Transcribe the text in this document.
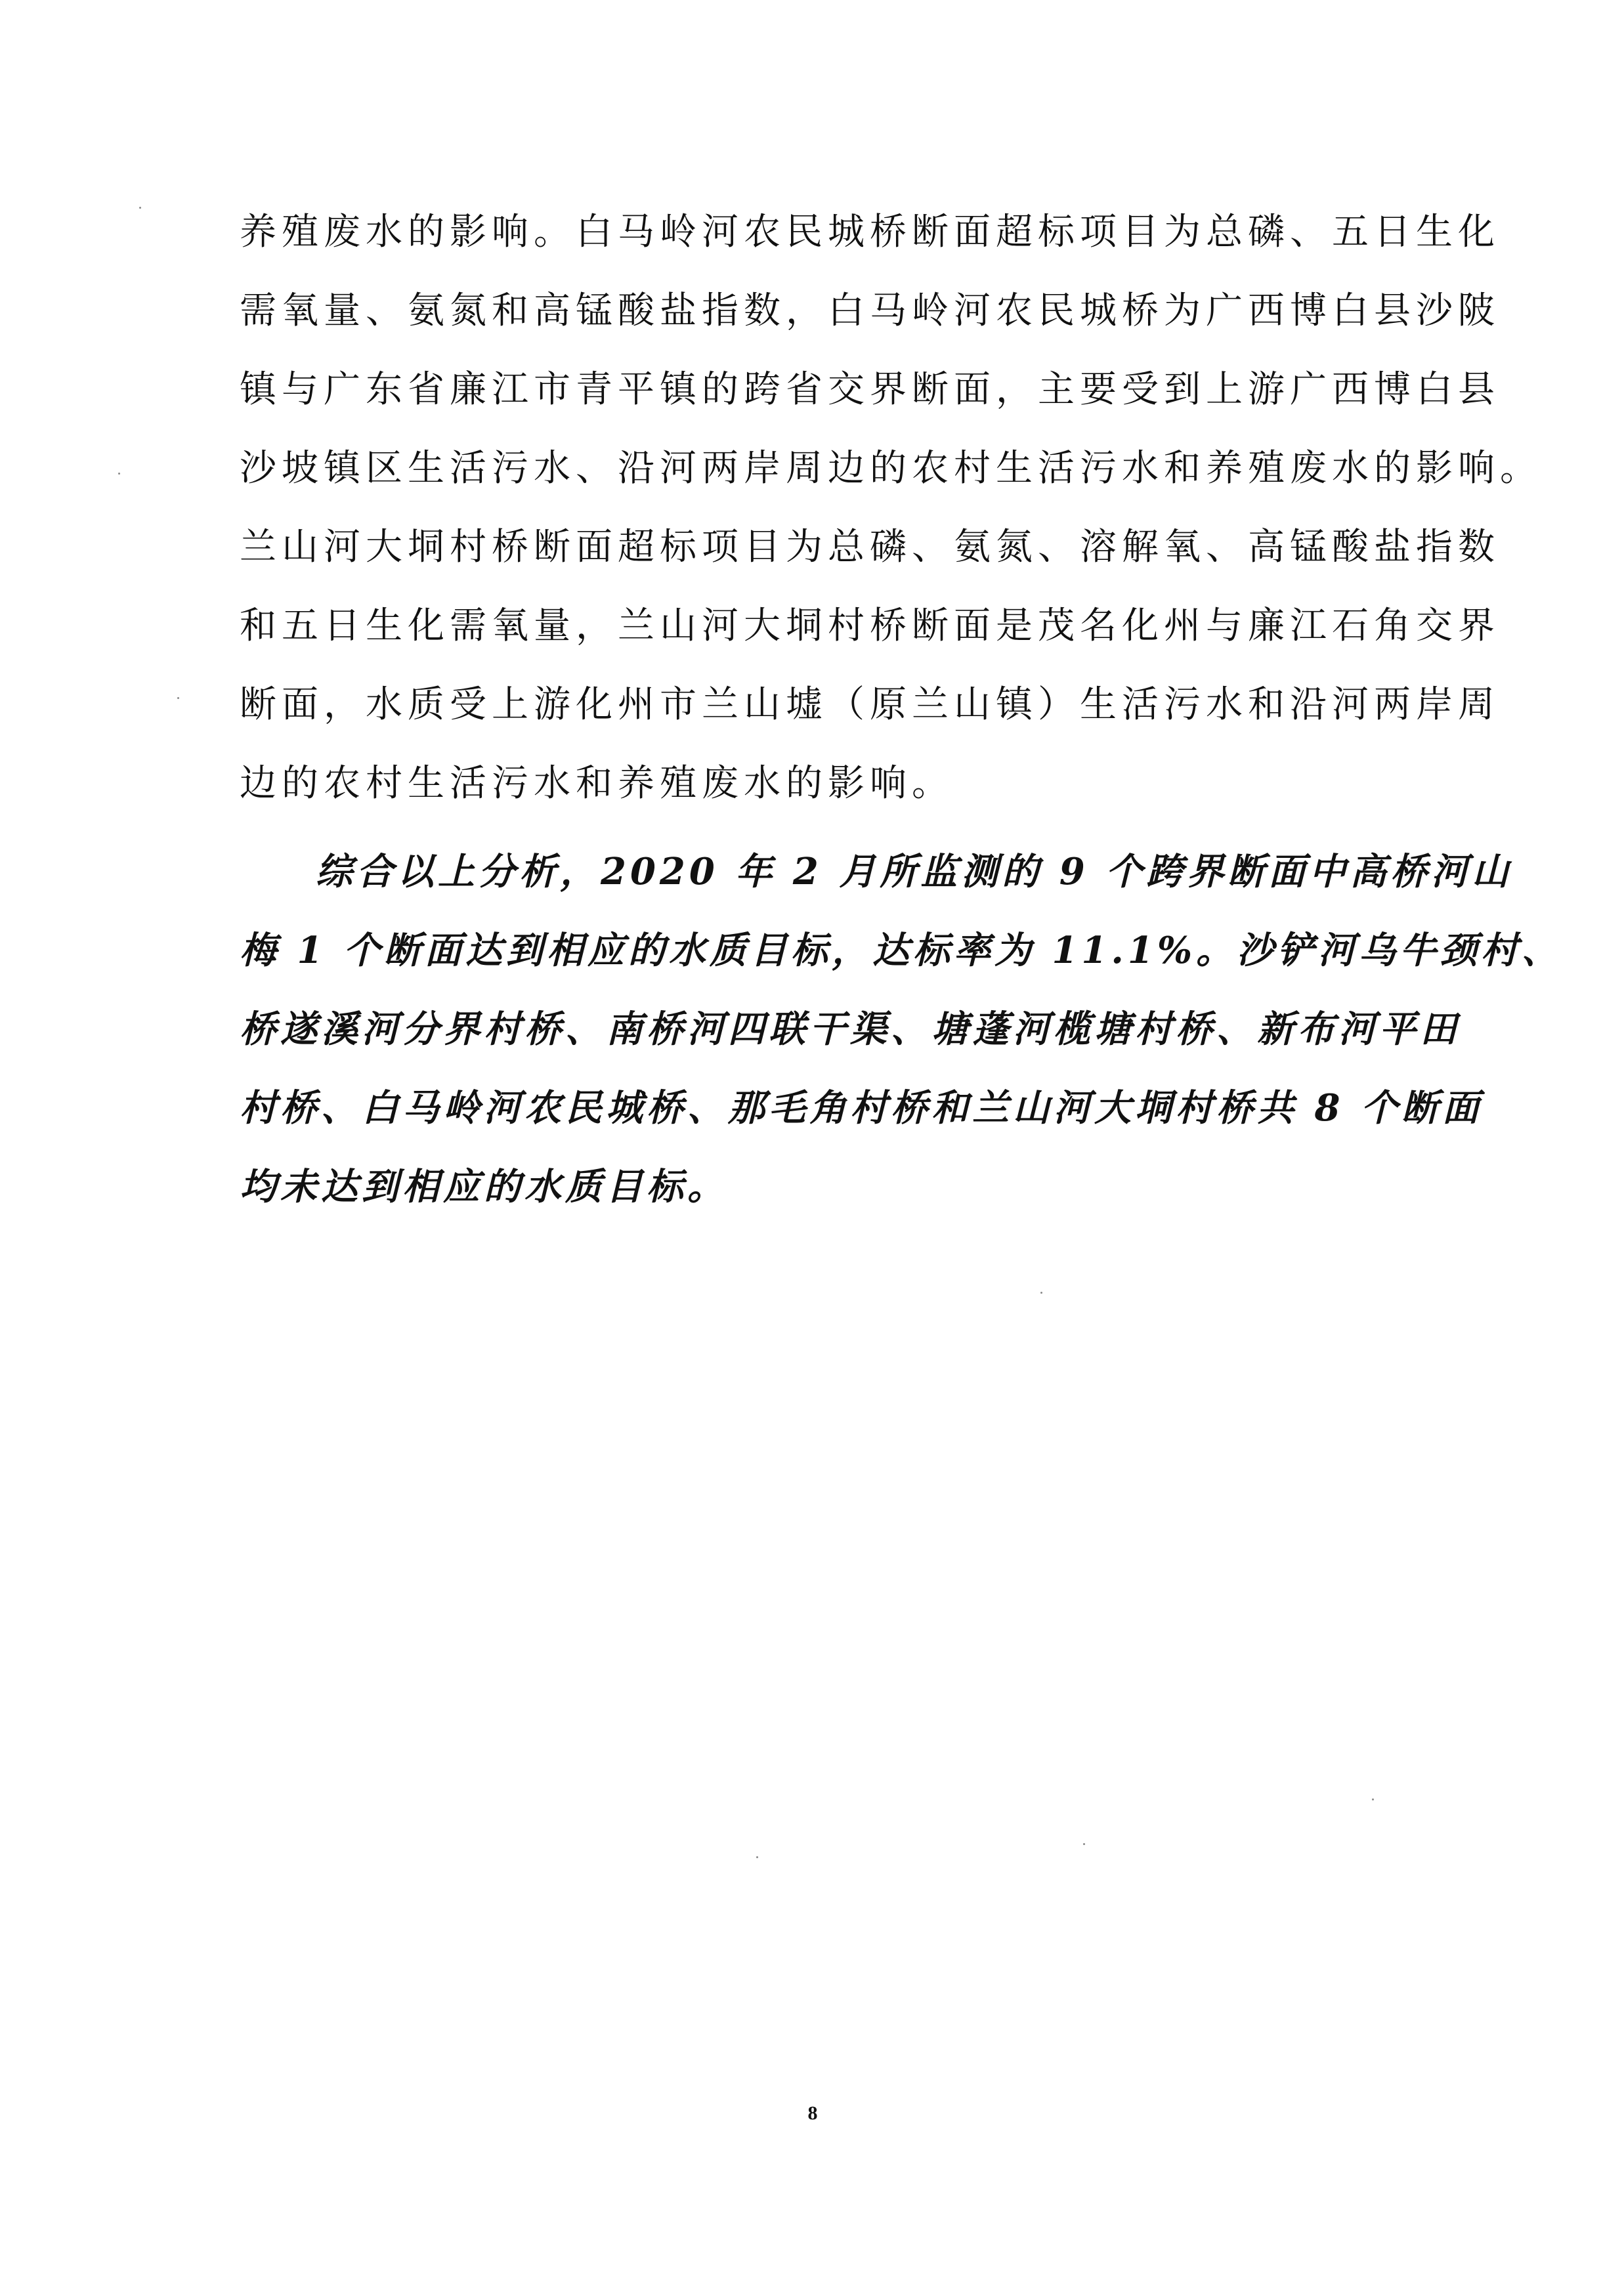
养殖废水的影响。白马岭河农民城桥断面超标项目为总磷、五日生化
需氧量、氨氮和高锰酸盐指数，白马岭河农民城桥为广西博白县沙陂
镇与广东省廉江市青平镇的跨省交界断面，主要受到上游广西博白县
沙坡镇区生活污水、沿河两岸周边的农村生活污水和养殖废水的影响。
兰山河大垌村桥断面超标项目为总磷、氨氮、溶解氧、高锰酸盐指数
和五日生化需氧量，兰山河大垌村桥断面是茂名化州与廉江石角交界
断面，水质受上游化州市兰山墟（原兰山镇）生活污水和沿河两岸周
边的农村生活污水和养殖废水的影响。
综合以上分析，2020 年 2 月所监测的 9 个跨界断面中高桥河山
梅 1 个断面达到相应的水质目标，达标率为 11.1%。沙铲河乌牛颈村、
桥遂溪河分界村桥、南桥河四联干渠、塘蓬河榄塘村桥、新布河平田
村桥、白马岭河农民城桥、那毛角村桥和兰山河大垌村桥共 8 个断面
均未达到相应的水质目标。
8
